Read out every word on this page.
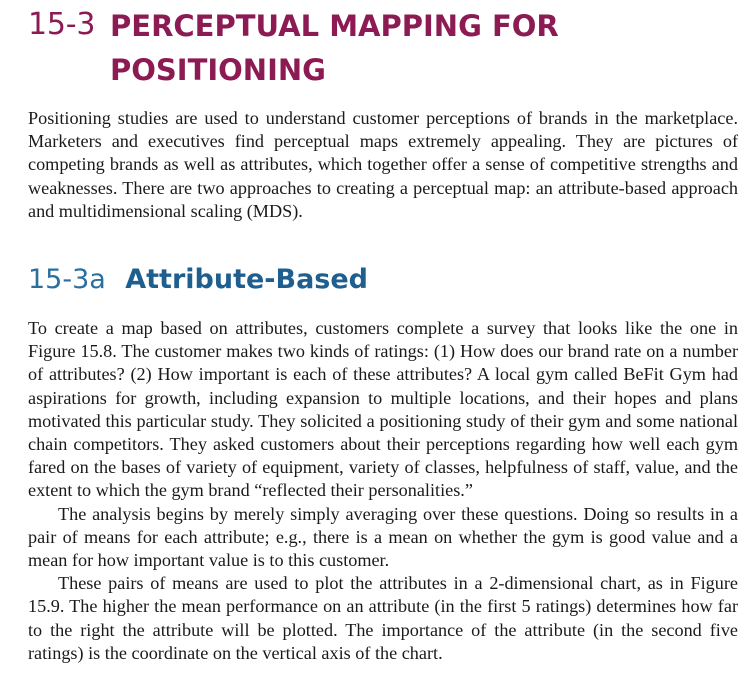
15-3 PERCEPTUAL MAPPING FOR POSITIONING

Positioning studies are used to understand customer perceptions of brands in the marketplace. Marketers and executives find perceptual maps extremely appealing. They are pictures of competing brands as well as attributes, which together offer a sense of competitive strengths and weaknesses. There are two approaches to creating a perceptual map: an attribute-based approach and multidimensional scaling (MDS).

15-3a Attribute-Based

To create a map based on attributes, customers complete a survey that looks like the one in Figure 15.8. The customer makes two kinds of ratings: (1) How does our brand rate on a number of attributes? (2) How important is each of these attributes? A local gym called BeFit Gym had aspirations for growth, including expansion to multiple locations, and their hopes and plans motivated this particular study. They solicited a positioning study of their gym and some national chain competitors. They asked customers about their perceptions regarding how well each gym fared on the bases of variety of equipment, variety of classes, helpfulness of staff, value, and the extent to which the gym brand “reflected their personalities.”

The analysis begins by merely simply averaging over these questions. Doing so results in a pair of means for each attribute; e.g., there is a mean on whether the gym is good value and a mean for how important value is to this customer.

These pairs of means are used to plot the attributes in a 2-dimensional chart, as in Figure 15.9. The higher the mean performance on an attribute (in the first 5 ratings) determines how far to the right the attribute will be plotted. The importance of the attribute (in the second five ratings) is the coordinate on the vertical axis of the chart.
